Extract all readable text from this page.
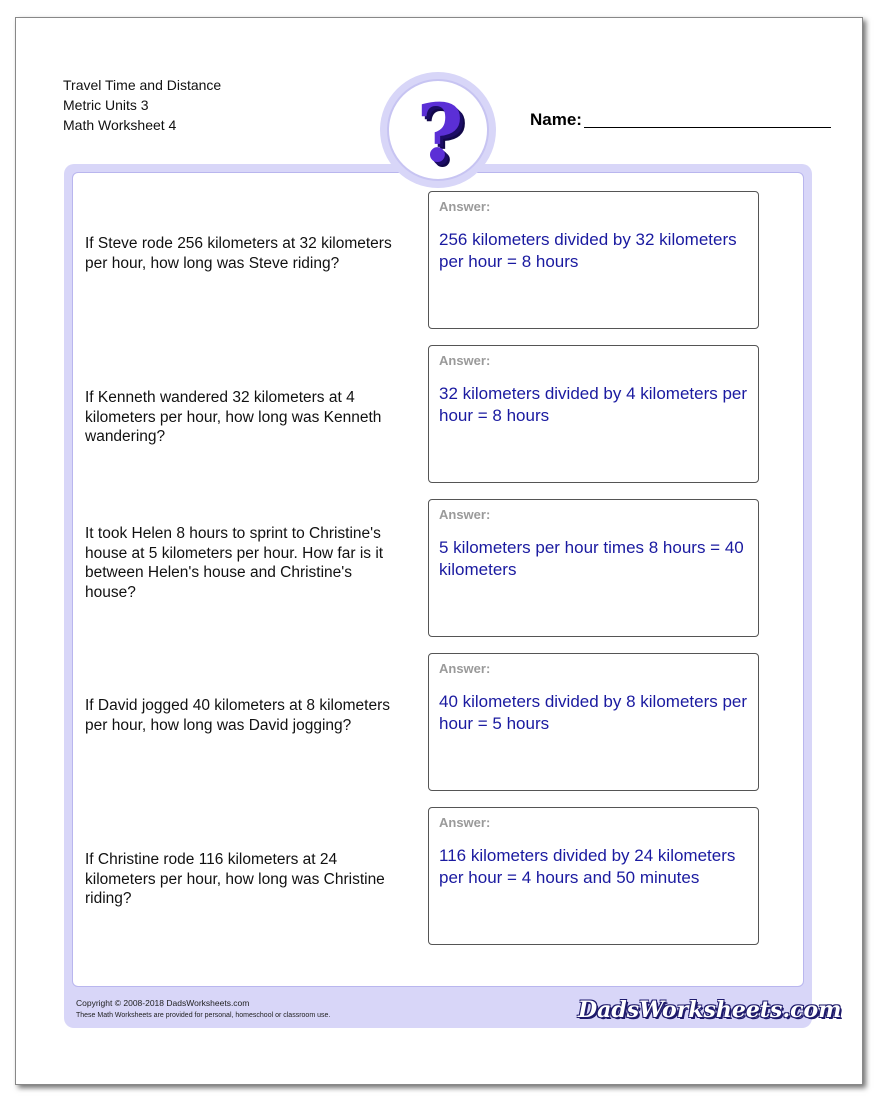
Travel Time and Distance
Metric Units 3
Math Worksheet 4	Name:
?
If Steve rode 256 kilometers at 32 kilometers per hour, how long was Steve riding?
Answer:
256 kilometers divided by 32 kilometers per hour = 8 hours
If Kenneth wandered 32 kilometers at 4 kilometers per hour, how long was Kenneth wandering?
Answer:
32 kilometers divided by 4 kilometers per hour = 8 hours
It took Helen 8 hours to sprint to Christine's house at 5 kilometers per hour. How far is it between Helen's house and Christine's house?
Answer:
5 kilometers per hour times 8 hours = 40 kilometers
If David jogged 40 kilometers at 8 kilometers per hour, how long was David jogging?
Answer:
40 kilometers divided by 8 kilometers per hour = 5 hours
If Christine rode 116 kilometers at 24 kilometers per hour, how long was Christine riding?
Answer:
116 kilometers divided by 24 kilometers per hour = 4 hours and 50 minutes
Copyright © 2008-2018 DadsWorksheets.com
These Math Worksheets are provided for personal, homeschool or classroom use.	DadsWorksheets.com
